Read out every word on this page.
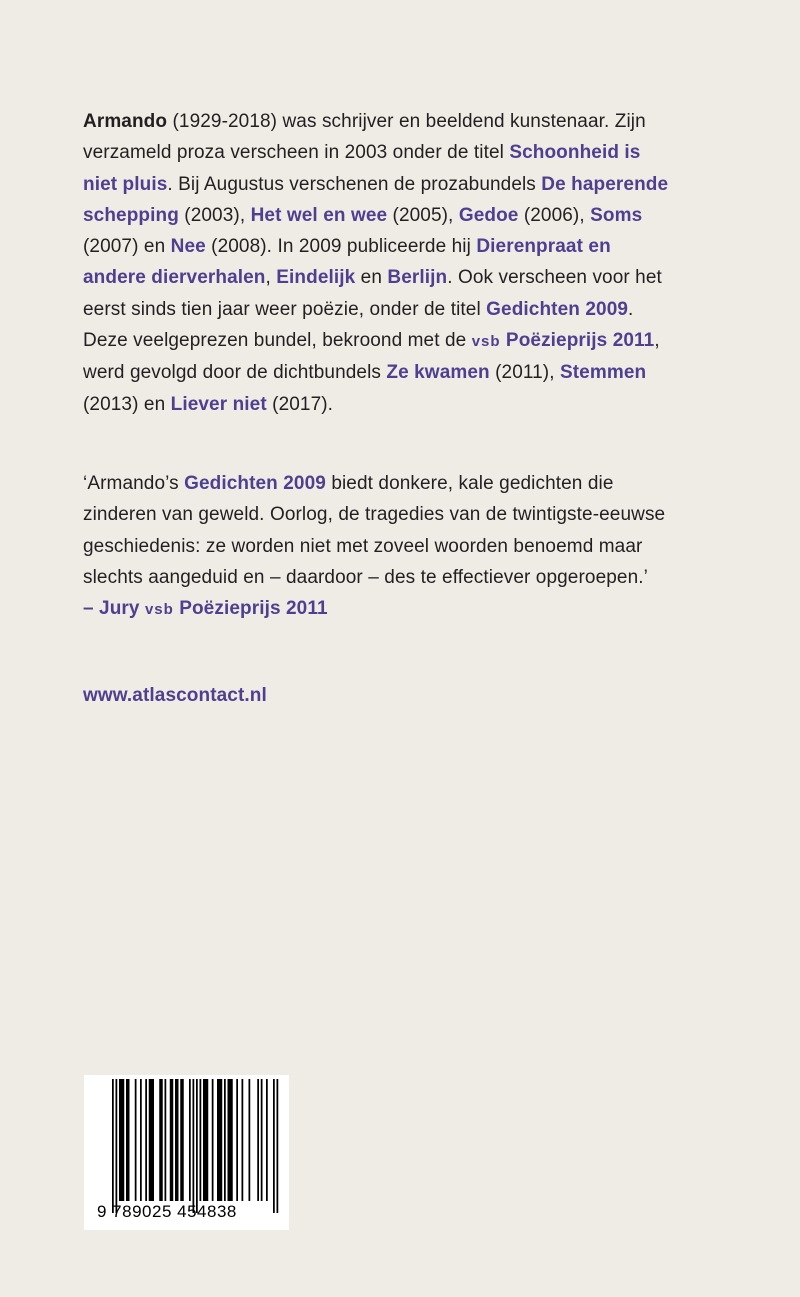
Armando (1929-2018) was schrijver en beeldend kunstenaar. Zijn
verzameld proza verscheen in 2003 onder de titel Schoonheid is
niet pluis. Bij Augustus verschenen de prozabundels De haperende
schepping (2003), Het wel en wee (2005), Gedoe (2006), Soms
(2007) en Nee (2008). In 2009 publiceerde hij Dierenpraat en
andere dierverhalen, Eindelijk en Berlijn. Ook verscheen voor het
eerst sinds tien jaar weer poëzie, onder de titel Gedichten 2009.
Deze veelgeprezen bundel, bekroond met de vsb Poëzieprijs 2011,
werd gevolgd door de dichtbundels Ze kwamen (2011), Stemmen
(2013) en Liever niet (2017).
‘Armando’s Gedichten 2009 biedt donkere, kale gedichten die
zinderen van geweld. Oorlog, de tragedies van de twintigste-eeuwse
geschiedenis: ze worden niet met zoveel woorden benoemd maar
slechts aangeduid en – daardoor – des te effectiever opgeroepen.’
– Jury vsb Poëzieprijs 2011
www.atlascontact.nl
9 789025 454838
